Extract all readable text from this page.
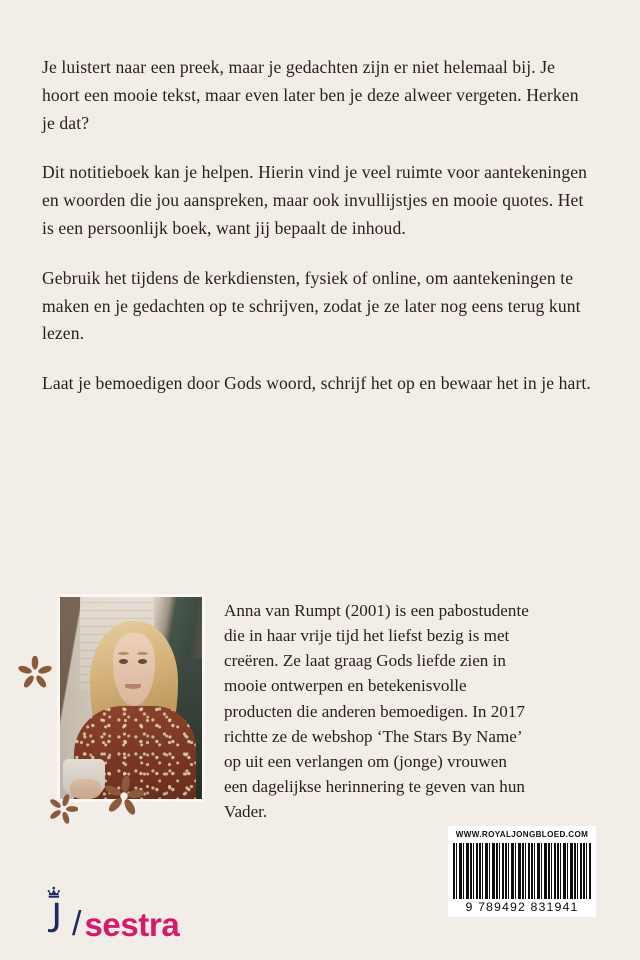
Je luistert naar een preek, maar je gedachten zijn er niet helemaal bij. Je hoort een mooie tekst, maar even later ben je deze alweer vergeten. Herken je dat?

Dit notitieboek kan je helpen. Hierin vind je veel ruimte voor aantekeningen en woorden die jou aanspreken, maar ook invullijstjes en mooie quotes. Het is een persoonlijk boek, want jij bepaalt de inhoud.

Gebruik het tijdens de kerkdiensten, fysiek of online, om aantekeningen te maken en je gedachten op te schrijven, zodat je ze later nog eens terug kunt lezen.

Laat je bemoedigen door Gods woord, schrijf het op en bewaar het in je hart.

Anna van Rumpt (2001) is een pabostudente die in haar vrije tijd het liefst bezig is met creëren. Ze laat graag Gods liefde zien in mooie ontwerpen en betekenisvolle producten die anderen bemoedigen. In 2017 richtte ze de webshop ‘The Stars By Name’ op uit een verlangen om (jonge) vrouwen een dagelijkse herinnering te geven van hun Vader.

WWW.ROYALJONGBLOED.COM
9 789492 831941
/ sestra
